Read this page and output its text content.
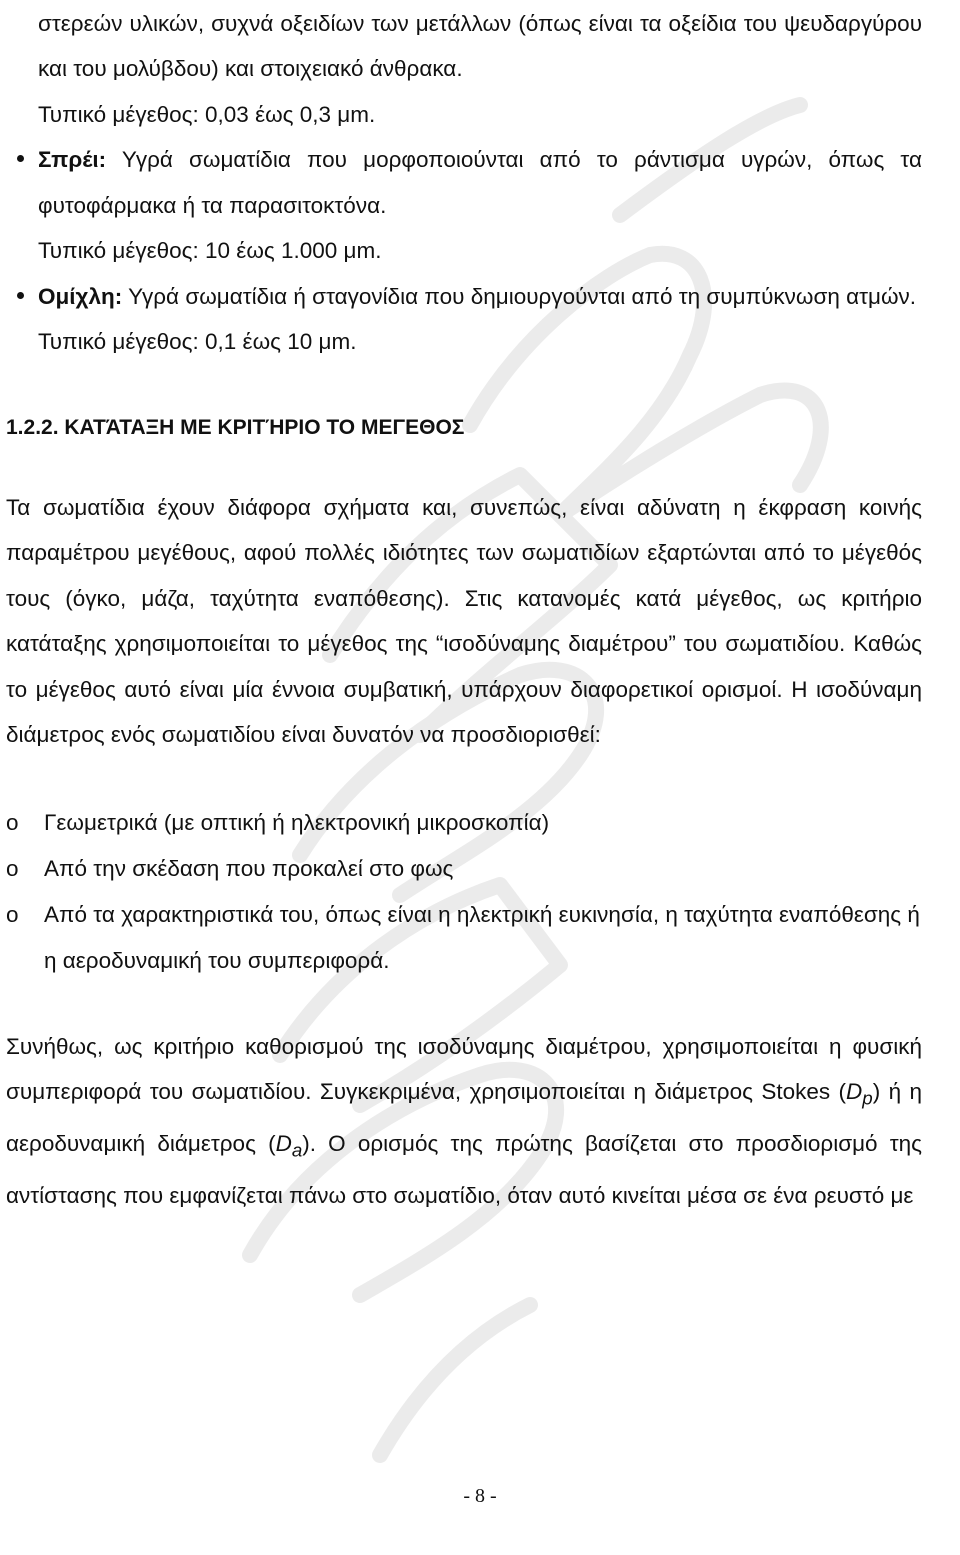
στερεών υλικών, συχνά οξειδίων των μετάλλων (όπως είναι τα οξείδια του ψευδαργύρου και του μολύβδου) και στοιχειακό άνθρακα.

Τυπικό μέγεθος: 0,03 έως 0,3 μm.

Σπρέι: Υγρά σωματίδια που μορφοποιούνται από το ράντισμα υγρών, όπως τα φυτοφάρμακα ή τα παρασιτοκτόνα.

Τυπικό μέγεθος: 10 έως 1.000 μm.

Ομίχλη: Υγρά σωματίδια ή σταγονίδια που δημιουργούνται από τη συμπύκνωση ατμών.

Τυπικό μέγεθος: 0,1 έως 10 μm.

1.2.2. ΚΑΤΆΤΑΞΗ ΜΕ ΚΡΙΤΉΡΙΟ ΤΟ ΜΕΓΕΘΟΣ

Τα σωματίδια έχουν διάφορα σχήματα και, συνεπώς, είναι αδύνατη η έκφραση κοινής παραμέτρου μεγέθους, αφού πολλές ιδιότητες των σωματιδίων εξαρτώνται από το μέγεθός τους (όγκο, μάζα, ταχύτητα εναπόθεσης). Στις κατανομές κατά μέγεθος, ως κριτήριο κατάταξης χρησιμοποιείται το μέγεθος της “ισοδύναμης διαμέτρου” του σωματιδίου. Καθώς το μέγεθος αυτό είναι μία έννοια συμβατική, υπάρχουν διαφορετικοί ορισμοί. Η ισοδύναμη διάμετρος ενός σωματιδίου είναι δυνατόν να προσδιορισθεί:

o Γεωμετρικά (με οπτική ή ηλεκτρονική μικροσκοπία)

o Από την σκέδαση που προκαλεί στο φως

o Από τα χαρακτηριστικά του, όπως είναι η ηλεκτρική ευκινησία, η ταχύτητα εναπόθεσης ή η αεροδυναμική του συμπεριφορά.

Συνήθως, ως κριτήριο καθορισμού της ισοδύναμης διαμέτρου, χρησιμοποιείται η φυσική συμπεριφορά του σωματιδίου. Συγκεκριμένα, χρησιμοποιείται η διάμετρος Stokes $(D_p)$ ή η αεροδυναμική διάμετρος $(D_a)$. Ο ορισμός της πρώτης βασίζεται στο προσδιορισμό της αντίστασης που εμφανίζεται πάνω στο σωματίδιο, όταν αυτό κινείται μέσα σε ένα ρευστό με

- 8 -
